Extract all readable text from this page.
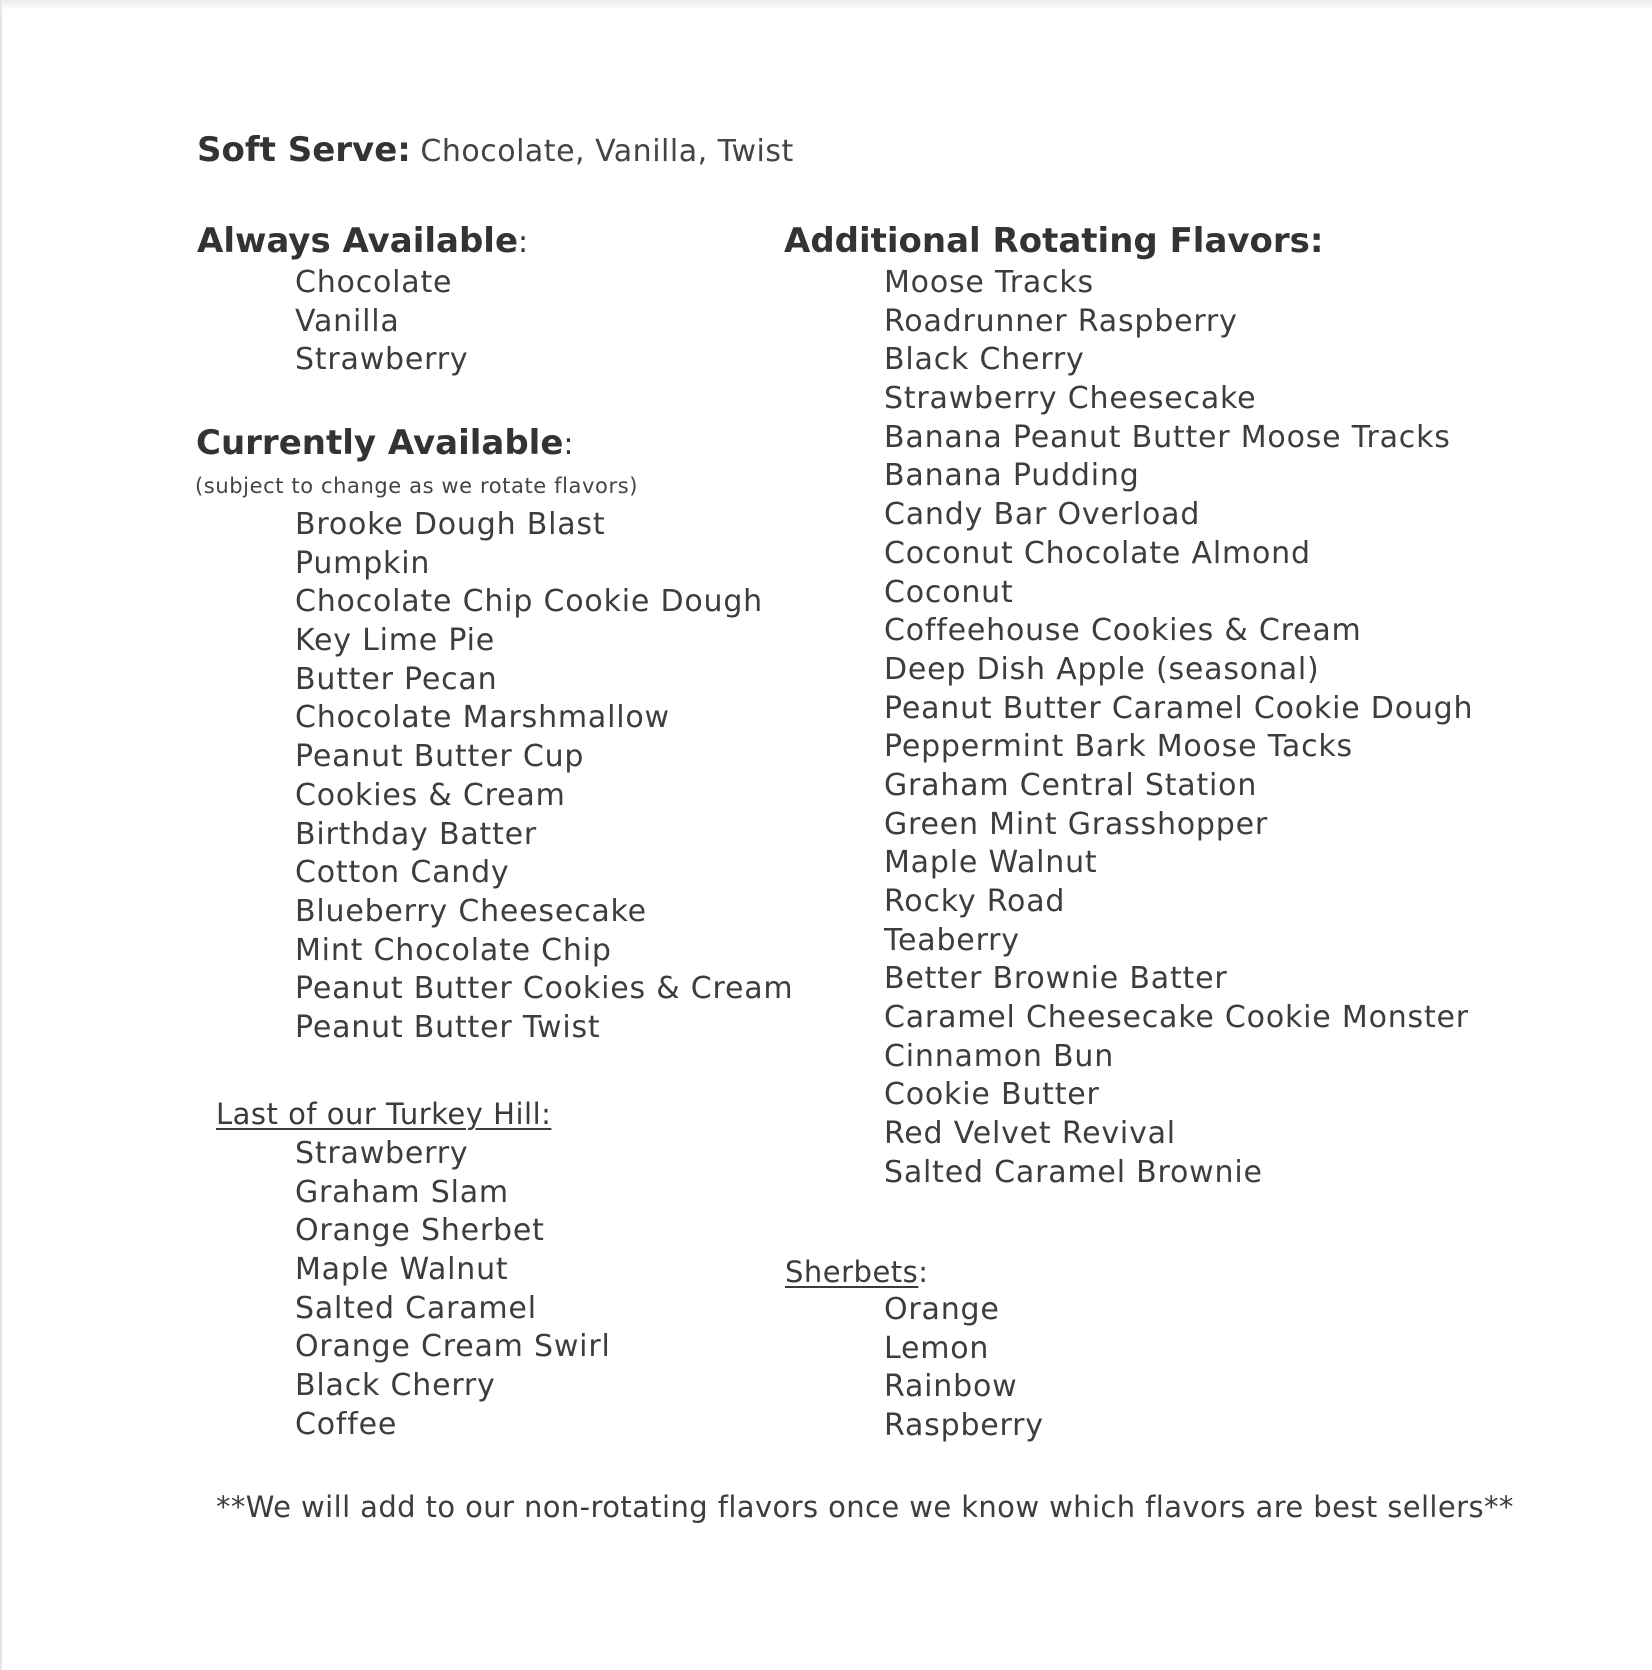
Soft Serve: Chocolate, Vanilla, Twist
Always Available:
Chocolate
Vanilla
Strawberry
Currently Available:
(subject to change as we rotate flavors)
Brooke Dough Blast
Pumpkin
Chocolate Chip Cookie Dough
Key Lime Pie
Butter Pecan
Chocolate Marshmallow
Peanut Butter Cup
Cookies & Cream
Birthday Batter
Cotton Candy
Blueberry Cheesecake
Mint Chocolate Chip
Peanut Butter Cookies & Cream
Peanut Butter Twist
Last of our Turkey Hill:
Strawberry
Graham Slam
Orange Sherbet
Maple Walnut
Salted Caramel
Orange Cream Swirl
Black Cherry
Coffee
Additional Rotating Flavors:
Moose Tracks
Roadrunner Raspberry
Black Cherry
Strawberry Cheesecake
Banana Peanut Butter Moose Tracks
Banana Pudding
Candy Bar Overload
Coconut Chocolate Almond
Coconut
Coffeehouse Cookies & Cream
Deep Dish Apple (seasonal)
Peanut Butter Caramel Cookie Dough
Peppermint Bark Moose Tacks
Graham Central Station
Green Mint Grasshopper
Maple Walnut
Rocky Road
Teaberry
Better Brownie Batter
Caramel Cheesecake Cookie Monster
Cinnamon Bun
Cookie Butter
Red Velvet Revival
Salted Caramel Brownie
Sherbets:
Orange
Lemon
Rainbow
Raspberry
**We will add to our non-rotating flavors once we know which flavors are best sellers**
